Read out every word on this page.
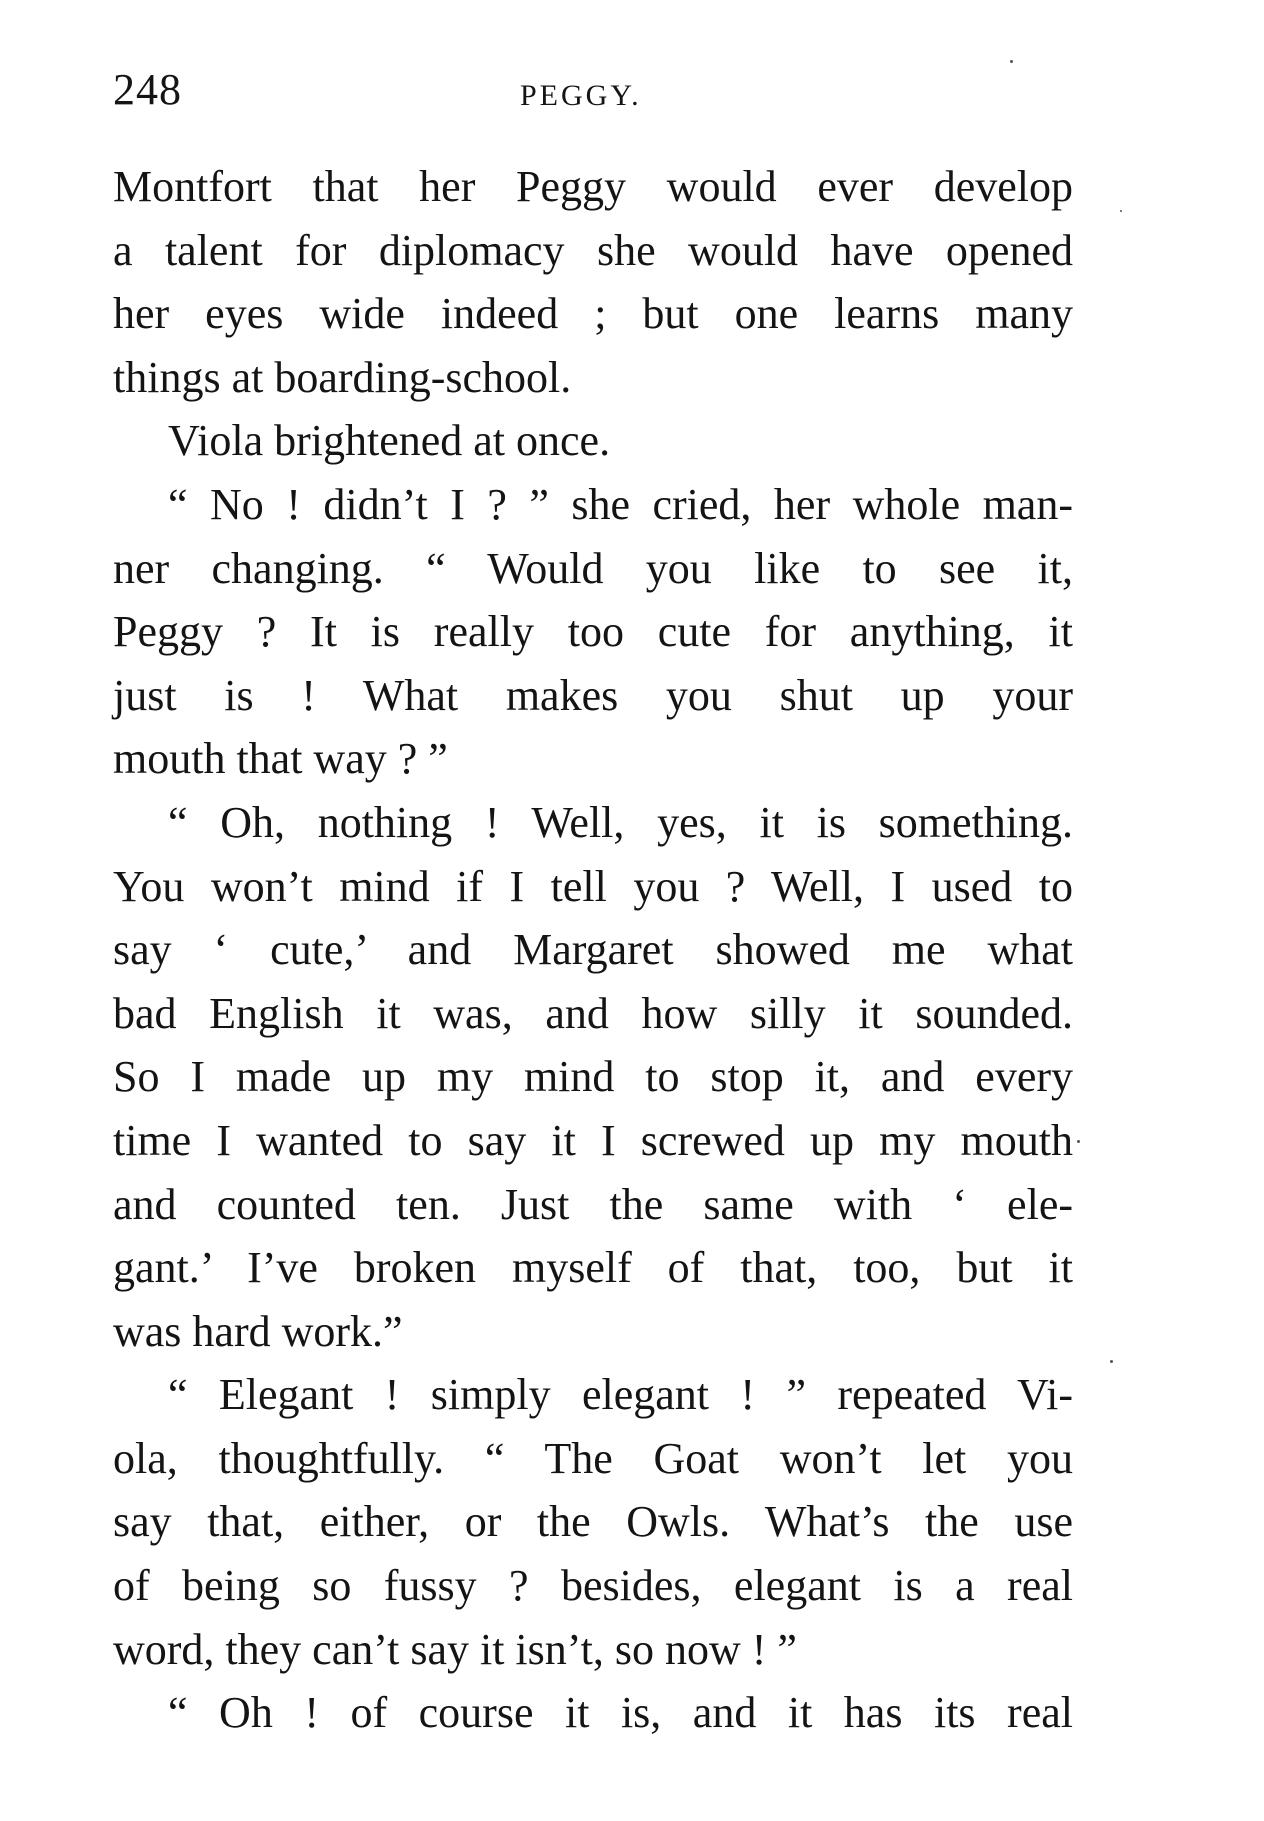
248	PEGGY.
Montfort that her Peggy would ever develop
a talent for diplomacy she would have opened
her eyes wide indeed ; but one learns many
things at boarding-school.
Viola brightened at once.
“ No ! didn’t I ? ” she cried, her whole man-
ner changing. “ Would you like to see it,
Peggy ? It is really too cute for anything, it
just is ! What makes you shut up your
mouth that way ? ”
“ Oh, nothing ! Well, yes, it is something.
You won’t mind if I tell you ? Well, I used to
say ‘ cute,’ and Margaret showed me what
bad English it was, and how silly it sounded.
So I made up my mind to stop it, and every
time I wanted to say it I screwed up my mouth
and counted ten. Just the same with ‘ ele-
gant.’ I’ve broken myself of that, too, but it
was hard work.”
“ Elegant ! simply elegant ! ” repeated Vi-
ola, thoughtfully. “ The Goat won’t let you
say that, either, or the Owls. What’s the use
of being so fussy ? besides, elegant is a real
word, they can’t say it isn’t, so now ! ”
“ Oh ! of course it is, and it has its real
